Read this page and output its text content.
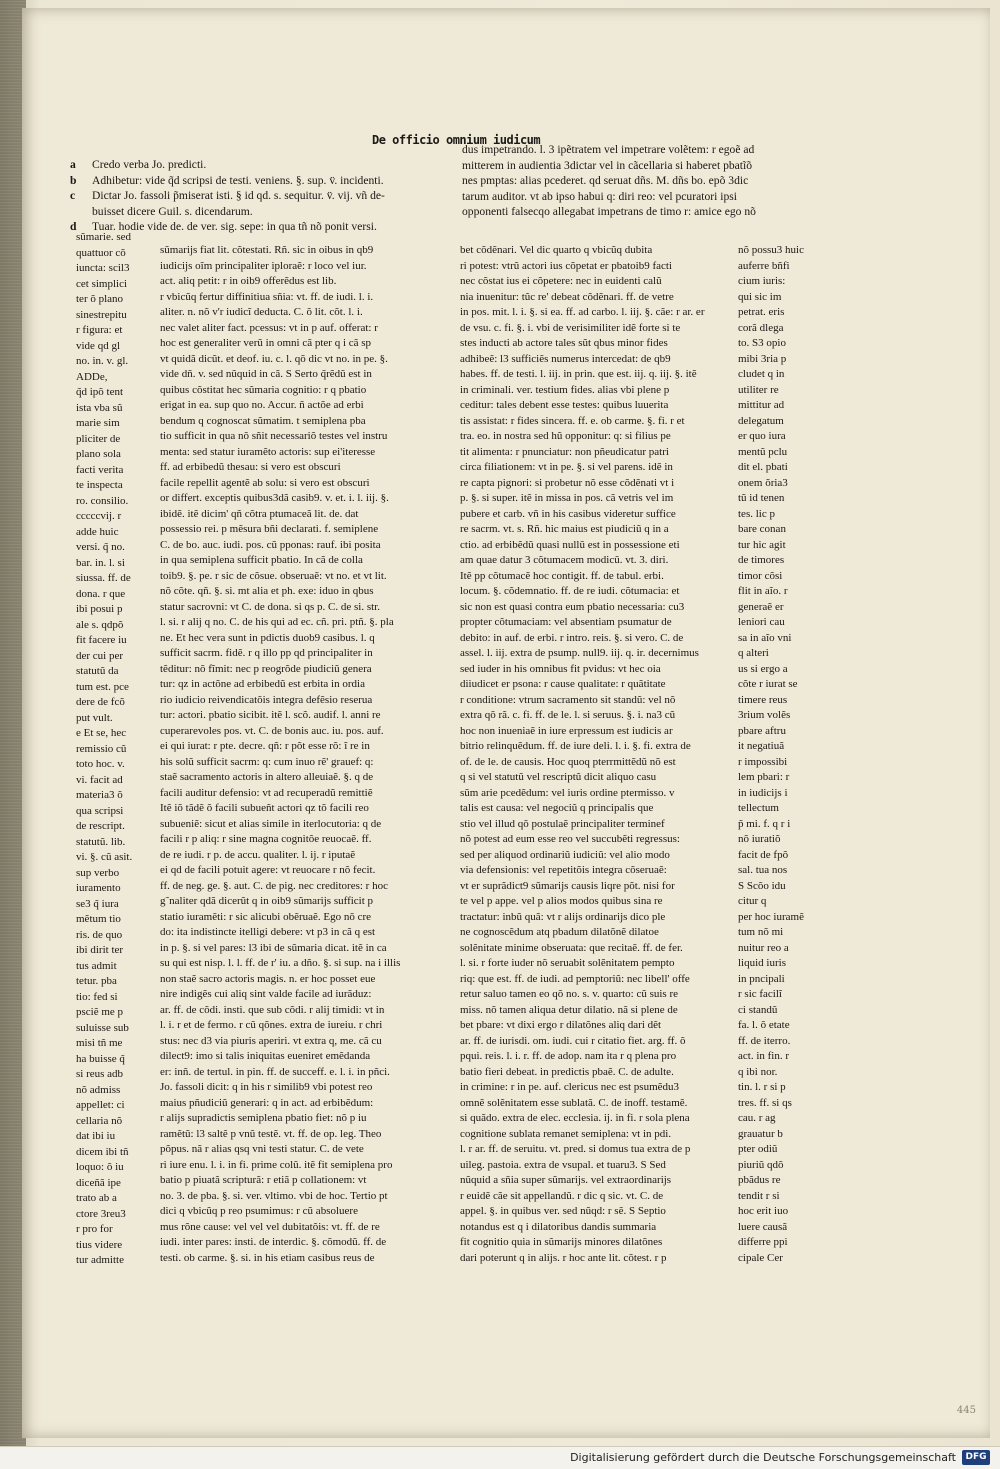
De officio omnium iudicum
a Credo verba Jo. predicti.
b Adhibetur: vide q̃d scripsi de testi. veniens. §. sup. v̈. incidenti.
c Dictar Jo. fassoli p̃miserat isti. § id qd. s. sequitur. v̈. vij. vñ de-
buisset dicere Guil. s. dicendarum.
d Tuar. hodie vide de. de ver. sig. sepe: in qua tñ nõ ponit versi.
dus impetrando. l. 3 ipẽtratem vel impetrare volẽtem: r egoẽ ad
mitterem in audientia 3dictar vel in cãcellaria si haberet pbatĩõ
nes pmptas: alias pcederet. qd seruat dñs. M. dñs bo. epõ 3dic
tarum auditor. vt ab ipso habui q: diri reo: vel pcuratori ipsi
opponenti falsecqo allegabat impetrans de timo r: amice ego nõ
sũmarie. sed
quattuor cõ
iuncta: scil3
cet simplici
ter õ plano
sinestrepitu
r figura: et
vide qd gl
no. in. v. gl.
ADDe,
q̃d ipõ tent
ista vba sũ
marie sim
pliciter de
plano sola
facti verita
te inspecta
ro. consilio.
cccccvij. r
adde huic
versi. q̃ no.
bar. in. l. si
siussa. ff. de
dona. r que
ibi posui p
ale s. qdpõ
fit facere iu
der cui per
statutũ da
tum est. pce
dere de fcõ
put vult.
e Et se, hec
remissio cũ
toto hoc. v.
vi. facit ad
materia3 õ
qua scripsi
de rescript.
statutũ. lib.
vi. §. cũ asit.
sup verbo
iuramento
se3 q̃ iura
mẽtum tio
ris. de quo
ibi dirit ter
tus admit
tetur. pba
tio: fed si
psciẽ me p
suluisse sub
misi tñ me
ha buisse q̃
si reus adb
nõ admiss
appellet: ci
cellaria nõ
dat ibi iu
dicem ibi tñ
loquo: õ iu
diceñã ipe
trato ab a
ctore 3reu3
r pro for
tius videre
tur admitte
sũmarijs fiat lit. cõtestati. Rñ. sic in oibus in qb9
iudicijs oĩm principaliter iploraẽ: r loco vel iur.
act. aliq petit: r in oib9 offerẽdus est lib.
r vbicũq fertur diffinitiua sñia: vt. ff. de iudi. l. i.
aliter. n. nõ v'r iudicĩ deducta. C. õ lit. cõt. l. i.
nec valet aliter fact. pcessus: vt in p auf. offerat: r
hoc est generaliter verũ in omni cã pter q i cã sp
vt quidã dicũt. et deof. iu. c. l. qõ dic vt no. in pe. §.
vide dñ. v. sed nũquid in cã. S Serto q̃rẽdũ est in
quibus cõstitat hec sũmaria cognitio: r q pbatio
erigat in ea. sup quo no. Accur. ñ actõe ad erbi
bendum q cognoscat sũmatim. t semiplena pba
tio sufficit in qua nõ sñit necessariõ testes vel instru
menta: sed statur iuramẽto actoris: sup ei'iteresse
ff. ad erbibedũ thesau: si vero est obscuri
facile repellit agentẽ ab solu: si vero est obscuri
or differt. exceptis quibus3dã casib9. v. et. i. l. iij. §.
ibidẽ. itẽ dicim' qñ cõtra ptumaceã lit. de. dat
possessio rei. p mẽsura bñi declarati. f. semiplene
C. de bo. auc. iudi. pos. cũ pponas: rauf. ibi posita
in qua semiplena sufficit pbatio. In cã de colla
toib9. §. pe. r sic de cõsue. obseruaẽ: vt no. et vt lit.
nõ cõte. qñ. §. si. mt alia et ph. exe: iduo in qbus
statur sacrovni: vt C. de dona. si qs p. C. de si. str.
l. si. r alij q no. C. de his qui ad ec. cñ. pri. ptñ. §. pla
ne. Et hec vera sunt in pdictis duob9 casibus. l. q
sufficit sacrm. fidẽ. r q illo pp qd principaliter in
tẽditur: nõ fĩmit: nec p reogrõde piudiciũ genera
tur: qz in actõne ad erbibedũ est erbita in ordia
rio iudicio reivendicatõis integra defẽsio reserua
tur: actori. pbatio sicibit. itẽ l. scõ. audif. l. anni re
cuperarevoles pos. vt. C. de bonis auc. iu. pos. auf.
ei qui iurat: r pte. decre. qñ: r põt esse rõ: ĩ re in
his solũ sufficit sacrm: q: cum inuo rẽ' grauef: q:
staẽ sacramento actoris in altero alleuiaẽ. §. q de
facili auditur defensio: vt ad recuperadũ remittiẽ
Itẽ iõ tãdẽ õ facili subueñt actori qz tõ facili reo
subueniẽ: sicut et alias simile in iterlocutoria: q de
facili r p aliq: r sine magna cognitõe reuocaẽ. ff.
de re iudi. r p. de accu. qualiter. l. ij. r iputaẽ
ei qd de facili potuit agere: vt reuocare r nõ fecit.
ff. de neg. ge. §. aut. C. de pig. nec creditores: r hoc
g˜naliter qdã dicerũt q in oib9 sũmarijs sufficit p
statio iuramẽti: r sic alicubi obẽruaẽ. Ego nõ cre
do: ita indistincte itelligi debere: vt p3 in cã q est
in p. §. si vel pares: l3 ibi de sũmaria dicat. itẽ in ca
su qui est nisp. l. l. ff. de r' iu. a dño. §. si sup. na i illis
non staẽ sacro actoris magis. n. er hoc posset eue
nire indigẽs cui aliq sint valde facile ad iurãduz:
ar. ff. de cõdi. insti. que sub cõdi. r alij timidi: vt in
l. i. r et de fermo. r cũ qõnes. extra de iureiu. r chri
stus: nec d3 via piuris aperiri. vt extra q, me. cã cu
dilect9: imo si talis iniquitas eueniret emẽdanda
er: inñ. de tertul. in pin. ff. de succeff. e. l. i. in pñci.
Jo. fassoli dicit: q in his r similib9 vbi potest reo
maius pñudiciũ generari: q in act. ad erbibẽdum:
r alijs supradictis semiplena pbatio fiet: nõ p iu
ramẽtũ: l3 saltẽ p vnũ testẽ. vt. ff. de op. leg. Theo
põpus. nã r alias qsq vni testi statur. C. de vete
ri iure enu. l. i. in fi. prime colũ. itẽ fit semiplena pro
batio p piuatã scripturã: r etiã p collationem: vt
no. 3. de pba. §. si. ver. vltimo. vbi de hoc. Tertio pt
dici q vbicũq p reo psumimus: r cũ absoluere
mus rõne cause: vel vel vel dubitatõis: vt. ff. de re
iudi. inter pares: insti. de interdic. §. cõmodũ. ff. de
testi. ob carme. §. si. in his etiam casibus reus de
bet cõdẽnari. Vel dic quarto q vbicũq dubita
ri potest: vtrũ actori ius cõpetat er pbatoib9 facti
nec cõstat ius ei cõpetere: nec in euidenti calũ
nia inuenitur: tũc re' debeat cõdẽnari. ff. de vetre
in pos. mit. l. i. §. si ea. ff. ad carbo. l. iij. §. cãe: r ar. er
de vsu. c. fi. §. i. vbi de verisimiliter idẽ forte si te
stes inducti ab actore tales sũt qbus minor fides
adhibeẽ: l3 sufficiẽs numerus intercedat: de qb9
habes. ff. de testi. l. iij. in prin. que est. iij. q. iij. §. itẽ
in criminali. ver. testium fides. alias vbi plene p
ceditur: tales debent esse testes: quibus luuerita
tis assistat: r fides sincera. ff. e. ob carme. §. fi. r et
tra. eo. in nostra sed hũ opponitur: q: si filius pe
tit alimenta: r pnunciatur: non pñeudicatur patri
circa filiationem: vt in pe. §. si vel parens. idẽ in
re capta pignori: si probetur nõ esse cõdẽnati vt i
p. §. si super. itẽ in missa in pos. cã vetris vel im
pubere et carb. vñ in his casibus videretur suffice
re sacrm. vt. s. Rñ. hic maius est piudiciũ q in a
ctio. ad erbibẽdũ quasi nullũ est in possessione eti
am quae datur 3 cõtumacem modicũ. vt. 3. diri.
Itẽ pp cõtumacẽ hoc contigit. ff. de tabul. erbi.
locum. §. cõdemnatio. ff. de re iudi. cõtumacia: et
sic non est quasi contra eum pbatio necessaria: cu3
propter cõtumaciam: vel absentiam psumatur de
debito: in auf. de erbi. r intro. reis. §. si vero. C. de
assel. l. iij. extra de psump. null9. iij. q. ir. decernimus
sed iuder in his omnibus fit pvidus: vt hec oia
diiudicet er psona: r cause qualitate: r quãtitate
r conditione: vtrum sacramento sit standũ: vel nõ
extra qõ rã. c. fi. ff. de le. l. si seruus. §. i. na3 cũ
hoc non inueniaẽ in iure erpressum est iudicis ar
bitrio relinquẽdum. ff. de iure deli. l. i. §. fi. extra de
of. de le. de causis. Hoc quoq pterrmittẽdũ nõ est
q si vel statutũ vel rescriptũ dicit aliquo casu
sũm arie pcedẽdum: vel iuris ordine ptermisso. v
talis est causa: vel negociũ q principalis que
stio vel illud qõ postulaẽ principaliter terminef
nõ potest ad eum esse reo vel succubẽti regressus:
sed per aliquod ordinariũ iudiciũ: vel alio modo
via defensionis: vel repetitõis integra cõseruaẽ:
vt er suprãdict9 sũmarijs causis liqre põt. nisi for
te vel p appe. vel p alios modos quibus sina re
tractatur: inbũ quã: vt r alijs ordinarijs dico ple
ne cognoscẽdum atq pbadum dilatõnẽ dilatoe
solẽnitate minime obseruata: que recitaẽ. ff. de fer.
l. si. r forte iuder nõ seruabit solẽnitatem pempto
riq: que est. ff. de iudi. ad pemptoriũ: nec libell' offe
retur saluo tamen eo qõ no. s. v. quarto: cũ suis re
miss. nõ tamen aliqua detur dilatio. nã si plene de
bet pbare: vt dixi ergo r dilatõnes aliq dari dẽt
ar. ff. de iurisdi. om. iudi. cui r citatio fiet. arg. ff. õ
pqui. reis. l. i. r. ff. de adop. nam ita r q plena pro
batio fieri debeat. in predictis pbaẽ. C. de adulte.
in crimine: r in pe. auf. clericus nec est psumẽdu3
omnẽ solẽnitatem esse sublatã. C. de inoff. testamẽ.
si quãdo. extra de elec. ecclesia. ij. in fi. r sola plena
cognitione sublata remanet semiplena: vt in pdi.
l. r ar. ff. de seruitu. vt. pred. si domus tua extra de p
uileg. pastoia. extra de vsupal. et tuaru3. S Sed
nũquid a sñia super sũmarijs. vel extraordinarijs
r euidẽ cãe sit appellandũ. r dic q sic. vt. C. de
appel. §. in quibus ver. sed nũqd: r sẽ. S Septio
notandus est q i dilatoribus dandis summaria
fit cognitio quia in sũmarijs minores dilatõnes
dari poterunt q in alijs. r hoc ante lit. cõtest. r p
nõ possu3 huic
auferre bñfi
cium iuris:
qui sic im
petrat. eris
corã dlega
to. S3 opio
mibi 3ria p
cludet q in
utiliter re
mittitur ad
delegatum
er quo iura
mentũ pclu
dit el. pbati
onem õria3
tũ id tenen
tes. lic p
bare conan
tur hic agit
de timores
timor cõsi
flit in aĩo. r
generaẽ er
leniori cau
sa in aĩo vni
q alteri
us si ergo a
cõte r iurat se
timere reus
3rium volẽs
pbare aftru
it negatiuã
r impossibi
lem pbari: r
in iudicijs i
tellectum
p̃ mi. f. q r i
nõ iuratiõ
facit de fpõ
sal. tua nos
S Scõo idu
citur q
per hoc iuramẽ
tum nõ mi
nuitur reo a
liquid iuris
in pncipali
r sic facilĩ
ci standũ
fa. l. õ etate
ff. de iterro.
act. in fin. r
q ibi nor.
tin. l. r si p
tres. ff. si qs
cau. r ag
grauatur b
pter odiũ
piuriũ qdõ
pbãdus re
tendit r si
hoc erit iuo
luere causã
differre ppi
cipale Cer
445
Digitalisierung gefördert durch die Deutsche Forschungsgemeinschaft	DFG
